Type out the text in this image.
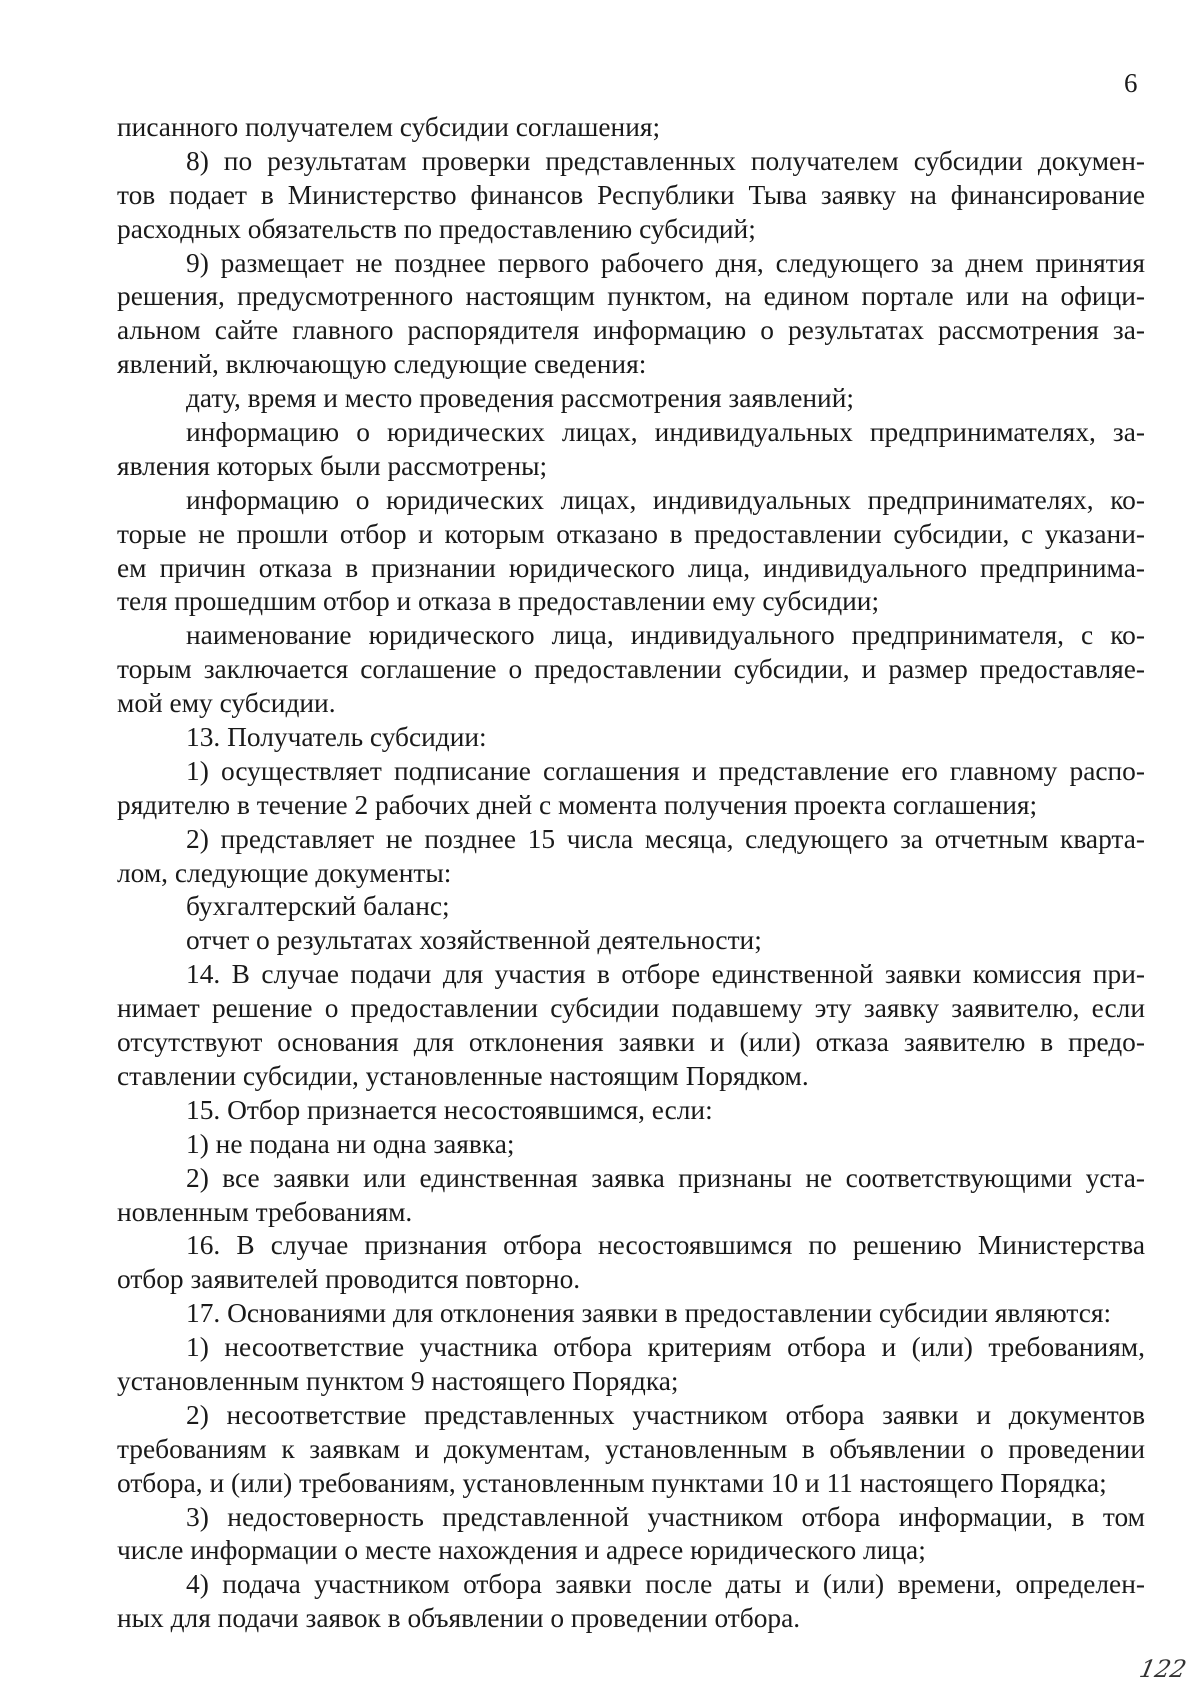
6
писанного получателем субсидии соглашения;
8) по результатам проверки представленных получателем субсидии докумен-
тов подает в Министерство финансов Республики Тыва заявку на финансирование
расходных обязательств по предоставлению субсидий;
9) размещает не позднее первого рабочего дня, следующего за днем принятия
решения, предусмотренного настоящим пунктом, на едином портале или на офици-
альном сайте главного распорядителя информацию о результатах рассмотрения за-
явлений, включающую следующие сведения:
дату, время и место проведения рассмотрения заявлений;
информацию о юридических лицах, индивидуальных предпринимателях, за-
явления которых были рассмотрены;
информацию о юридических лицах, индивидуальных предпринимателях, ко-
торые не прошли отбор и которым отказано в предоставлении субсидии, с указани-
ем причин отказа в признании юридического лица, индивидуального предпринима-
теля прошедшим отбор и отказа в предоставлении ему субсидии;
наименование юридического лица, индивидуального предпринимателя, с ко-
торым заключается соглашение о предоставлении субсидии, и размер предоставляе-
мой ему субсидии.
13. Получатель субсидии:
1) осуществляет подписание соглашения и представление его главному распо-
рядителю в течение 2 рабочих дней с момента получения проекта соглашения;
2) представляет не позднее 15 числа месяца, следующего за отчетным кварта-
лом, следующие документы:
бухгалтерский баланс;
отчет о результатах хозяйственной деятельности;
14. В случае подачи для участия в отборе единственной заявки комиссия при-
нимает решение о предоставлении субсидии подавшему эту заявку заявителю, если
отсутствуют основания для отклонения заявки и (или) отказа заявителю в предо-
ставлении субсидии, установленные настоящим Порядком.
15. Отбор признается несостоявшимся, если:
1) не подана ни одна заявка;
2) все заявки или единственная заявка признаны не соответствующими уста-
новленным требованиям.
16. В случае признания отбора несостоявшимся по решению Министерства
отбор заявителей проводится повторно.
17. Основаниями для отклонения заявки в предоставлении субсидии являются:
1) несоответствие участника отбора критериям отбора и (или) требованиям,
установленным пунктом 9 настоящего Порядка;
2) несоответствие представленных участником отбора заявки и документов
требованиям к заявкам и документам, установленным в объявлении о проведении
отбора, и (или) требованиям, установленным пунктами 10 и 11 настоящего Порядка;
3) недостоверность представленной участником отбора информации, в том
числе информации о месте нахождения и адресе юридического лица;
4) подача участником отбора заявки после даты и (или) времени, определен-
ных для подачи заявок в объявлении о проведении отбора.
122
